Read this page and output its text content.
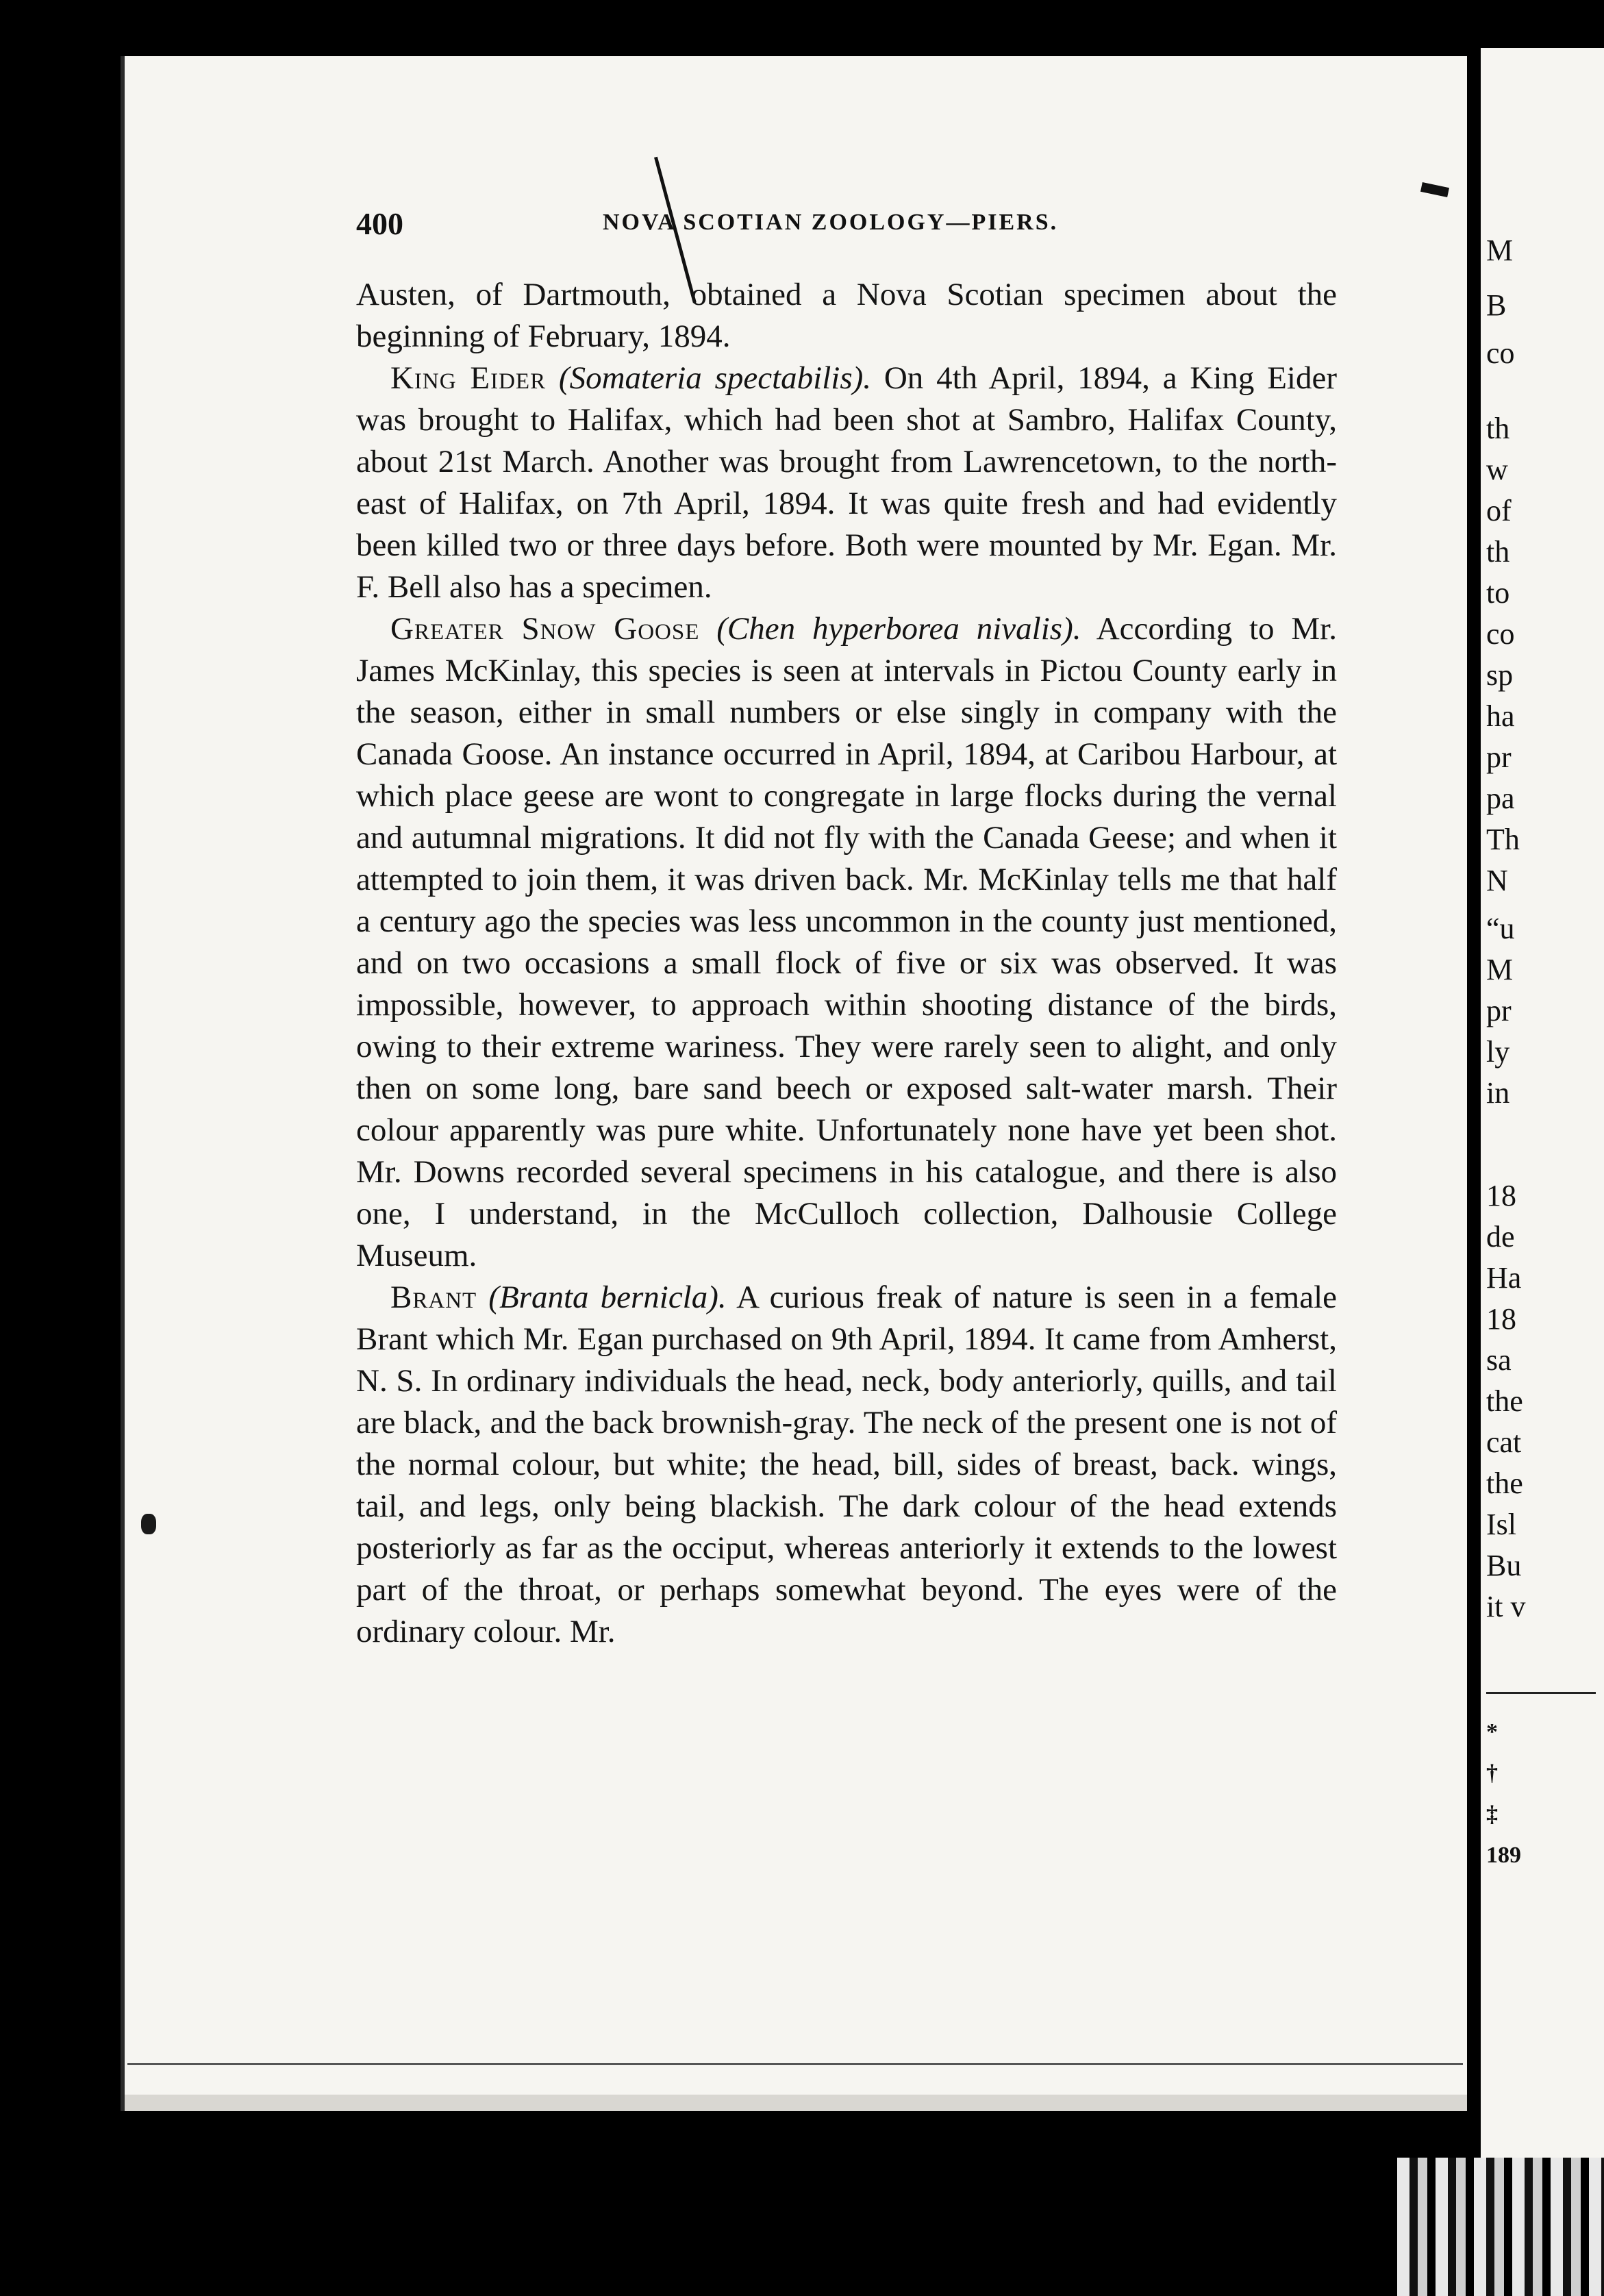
400	NOVA SCOTIAN ZOOLOGY—PIERS.

Austen, of Dartmouth, obtained a Nova Scotian specimen about the beginning of February, 1894.

King Eider (Somateria spectabilis). On 4th April, 1894, a King Eider was brought to Halifax, which had been shot at Sambro, Halifax County, about 21st March. Another was brought from Lawrencetown, to the north-east of Halifax, on 7th April, 1894. It was quite fresh and had evidently been killed two or three days before. Both were mounted by Mr. Egan. Mr. F. Bell also has a specimen.

Greater Snow Goose (Chen hyperborea nivalis). According to Mr. James McKinlay, this species is seen at intervals in Pictou County early in the season, either in small numbers or else singly in company with the Canada Goose. An instance occurred in April, 1894, at Caribou Harbour, at which place geese are wont to congregate in large flocks during the vernal and autumnal migrations. It did not fly with the Canada Geese; and when it attempted to join them, it was driven back. Mr. McKinlay tells me that half a century ago the species was less uncommon in the county just mentioned, and on two occasions a small flock of five or six was observed. It was impossible, however, to approach within shooting distance of the birds, owing to their extreme wariness. They were rarely seen to alight, and only then on some long, bare sand beech or exposed salt-water marsh. Their colour apparently was pure white. Unfortunately none have yet been shot. Mr. Downs recorded several specimens in his catalogue, and there is also one, I understand, in the McCulloch collection, Dalhousie College Museum.

Brant (Branta bernicla). A curious freak of nature is seen in a female Brant which Mr. Egan purchased on 9th April, 1894. It came from Amherst, N. S. In ordinary individuals the head, neck, body anteriorly, quills, and tail are black, and the back brownish-gray. The neck of the present one is not of the normal colour, but white; the head, bill, sides of breast, back. wings, tail, and legs, only being blackish. The dark colour of the head extends posteriorly as far as the occiput, whereas anteriorly it extends to the lowest part of the throat, or perhaps somewhat beyond. The eyes were of the ordinary colour. Mr.

M
B
co
th
w
of
th
to
co
sp
ha
pr
pa
Th
N
“u
M
pr
ly
in
18
de
Ha
18
sa
the
cat
the
Isl
Bu
it v
*
†
‡
189
